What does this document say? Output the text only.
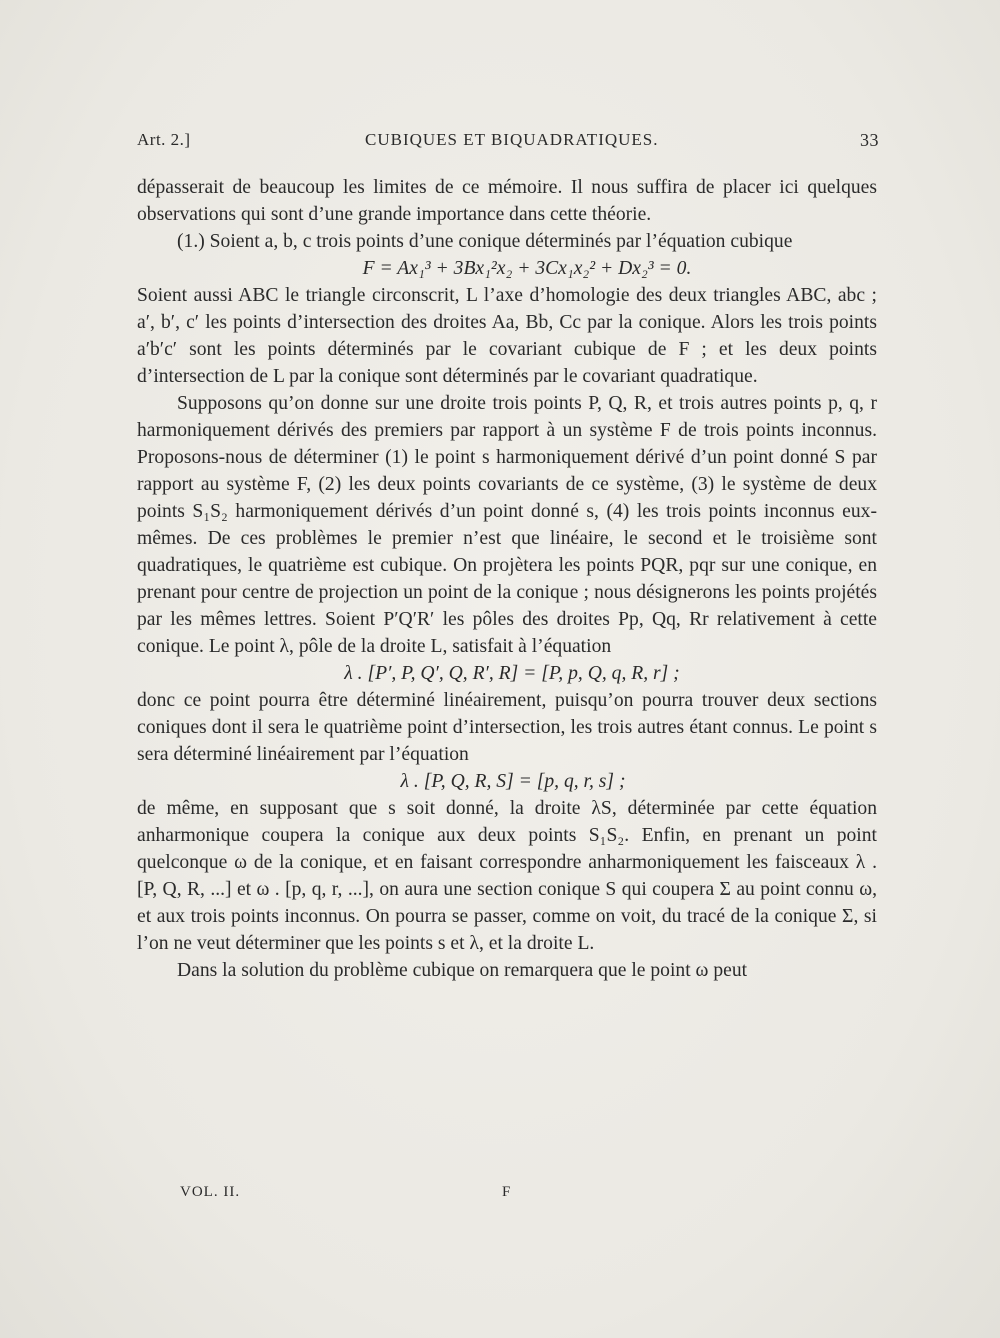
Art. 2.]	CUBIQUES ET BIQUADRATIQUES.	33

dépasserait de beaucoup les limites de ce mémoire. Il nous suffira de placer ici quelques observations qui sont d’une grande importance dans cette théorie.

(1.) Soient a, b, c trois points d’une conique déterminés par l’équation cubique

F = Ax₁³ + 3Bx₁²x₂ + 3Cx₁x₂² + Dx₂³ = 0.

Soient aussi ABC le triangle circonscrit, L l’axe d’homologie des deux triangles ABC, abc ; a′, b′, c′ les points d’intersection des droites Aa, Bb, Cc par la conique. Alors les trois points a′b′c′ sont les points déterminés par le covariant cubique de F ; et les deux points d’intersection de L par la conique sont déterminés par le covariant quadratique.

Supposons qu’on donne sur une droite trois points P, Q, R, et trois autres points p, q, r harmoniquement dérivés des premiers par rapport à un système F de trois points inconnus. Proposons-nous de déterminer (1) le point s harmoniquement dérivé d’un point donné S par rapport au système F, (2) les deux points covariants de ce système, (3) le système de deux points S₁S₂ harmoniquement dérivés d’un point donné s, (4) les trois points inconnus eux-mêmes. De ces problèmes le premier n’est que linéaire, le second et le troisième sont quadratiques, le quatrième est cubique. On projètera les points PQR, pqr sur une conique, en prenant pour centre de projection un point de la conique ; nous désignerons les points projétés par les mêmes lettres. Soient P′Q′R′ les pôles des droites Pp, Qq, Rr relativement à cette conique. Le point λ, pôle de la droite L, satisfait à l’équation

λ . [P′, P, Q′, Q, R′, R] = [P, p, Q, q, R, r] ;

donc ce point pourra être déterminé linéairement, puisqu’on pourra trouver deux sections coniques dont il sera le quatrième point d’intersection, les trois autres étant connus. Le point s sera déterminé linéairement par l’équation

λ . [P, Q, R, S] = [p, q, r, s] ;

de même, en supposant que s soit donné, la droite λS, déterminée par cette équation anharmonique coupera la conique aux deux points S₁S₂. Enfin, en prenant un point quelconque ω de la conique, et en faisant correspondre anharmoniquement les faisceaux λ . [P, Q, R, ...] et ω . [p, q, r, ...], on aura une section conique S qui coupera Σ au point connu ω, et aux trois points inconnus. On pourra se passer, comme on voit, du tracé de la conique Σ, si l’on ne veut déterminer que les points s et λ, et la droite L.

Dans la solution du problème cubique on remarquera que le point ω peut

VOL. II.	F
